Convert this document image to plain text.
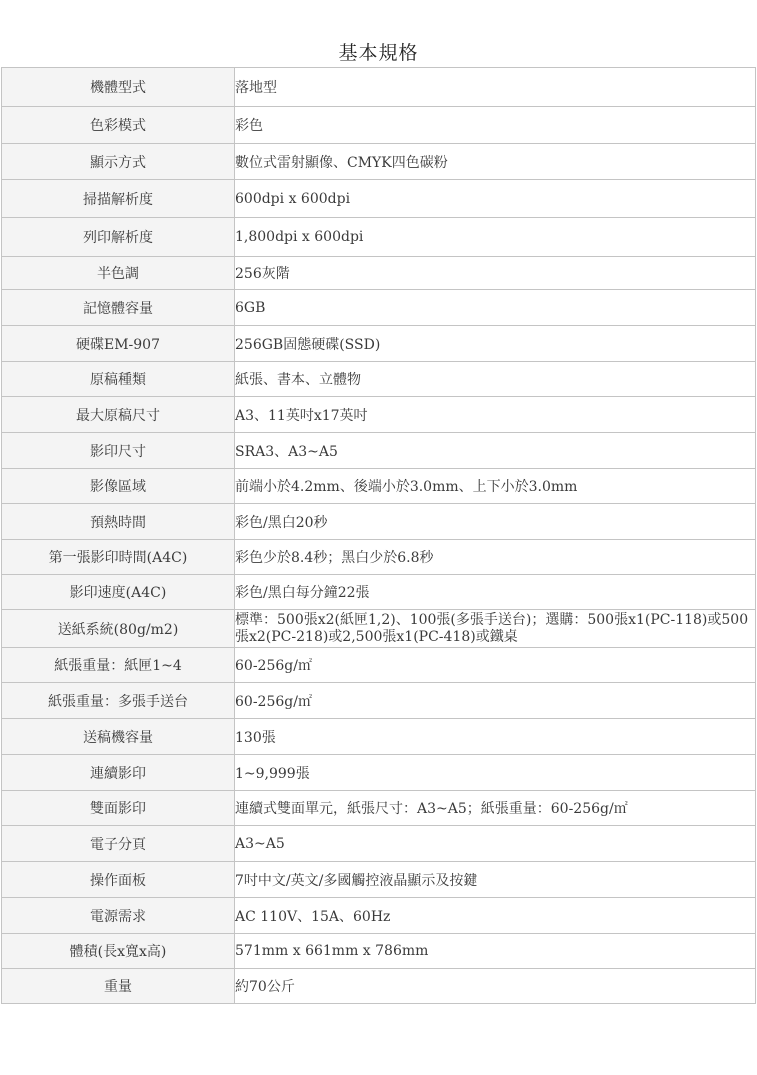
基本規格
機體型式	落地型
色彩模式	彩色
顯示方式	數位式雷射顯像、CMYK四色碳粉
掃描解析度	600dpi x 600dpi
列印解析度	1,800dpi x 600dpi
半色調	256灰階
記憶體容量	6GB
硬碟EM-907	256GB固態硬碟(SSD)
原稿種類	紙張、書本、立體物
最大原稿尺寸	A3、11英吋x17英吋
影印尺寸	SRA3、A3~A5
影像區域	前端小於4.2mm、後端小於3.0mm、上下小於3.0mm
預熱時間	彩色/黑白20秒
第一張影印時間(A4C)	彩色少於8.4秒；黑白少於6.8秒
影印速度(A4C)	彩色/黑白每分鐘22張
送紙系統(80g/m2)	標準：500張x2(紙匣1,2)、100張(多張手送台)；選購：500張x1(PC-118)或500張x2(PC-218)或2,500張x1(PC-418)或鐵桌
紙張重量：紙匣1~4	60-256g/㎡
紙張重量：多張手送台	60-256g/㎡
送稿機容量	130張
連續影印	1~9,999張
雙面影印	連續式雙面單元，紙張尺寸：A3~A5；紙張重量：60-256g/㎡
電子分頁	A3~A5
操作面板	7吋中文/英文/多國觸控液晶顯示及按鍵
電源需求	AC 110V、15A、60Hz
體積(長x寬x高)	571mm x 661mm x 786mm
重量	約70公斤
